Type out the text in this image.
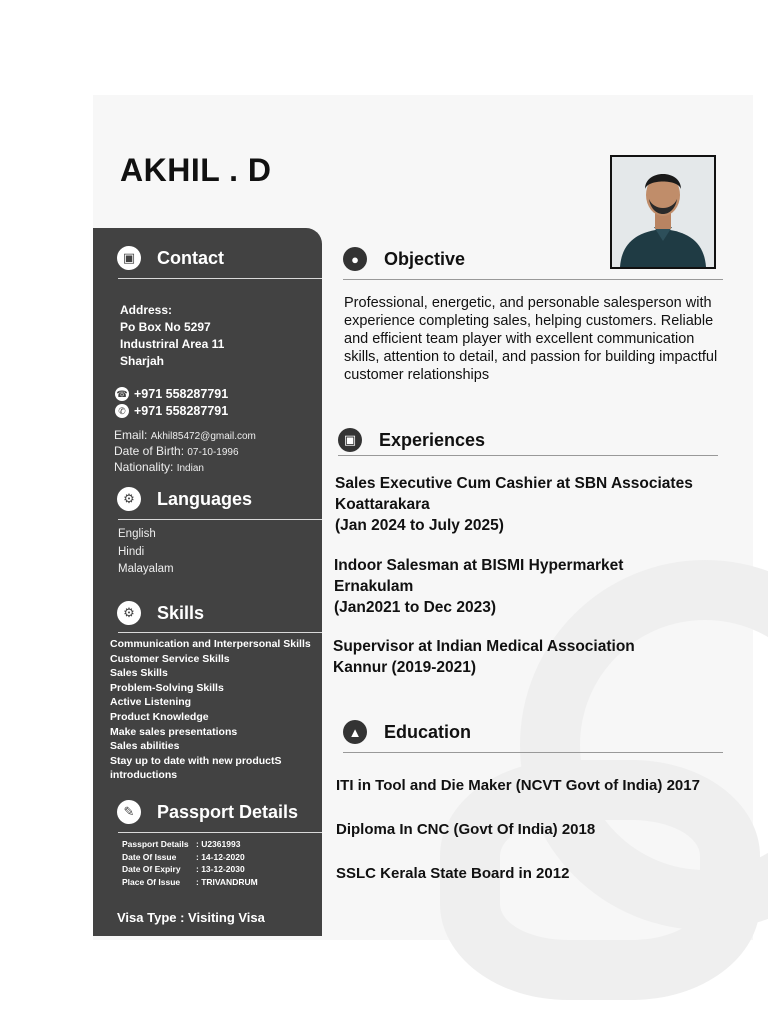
AKHIL . D
▣	Contact
Address:
Po Box No 5297
Industriral Area 11
Sharjah
☎ +971 558287791
✆ +971 558287791
Email: Akhil85472@gmail.com
Date of Birth: 07-10-1996
Nationality: Indian
⚙	Languages
English
Hindi
Malayalam
⚙	Skills
Communication and Interpersonal Skills
Customer Service Skills
Sales Skills
Problem-Solving Skills
Active Listening
Product Knowledge
Make sales presentations
Sales abilities
Stay up to date with new productS
introductions
✎	Passport Details
Passport Details : U2361993
Date Of Issue : 14-12-2020
Date Of Expiry : 13-12-2030
Place Of Issue : TRIVANDRUM
Visa Type : Visiting Visa
●	Objective
Professional, energetic, and personable salesperson with experience completing sales, helping customers. Reliable and efficient team player with excellent communication skills, attention to detail, and passion for building impactful customer relationships
▣	Experiences
Sales Executive Cum Cashier at SBN Associates
Koattarakara
(Jan 2024 to July 2025)
Indoor Salesman at BISMI Hypermarket
Ernakulam
(Jan2021 to Dec 2023)
Supervisor at Indian Medical Association
Kannur (2019-2021)
▲	Education
ITI in Tool and Die Maker (NCVT Govt of India) 2017
Diploma In CNC (Govt Of India) 2018
SSLC Kerala State Board in 2012
